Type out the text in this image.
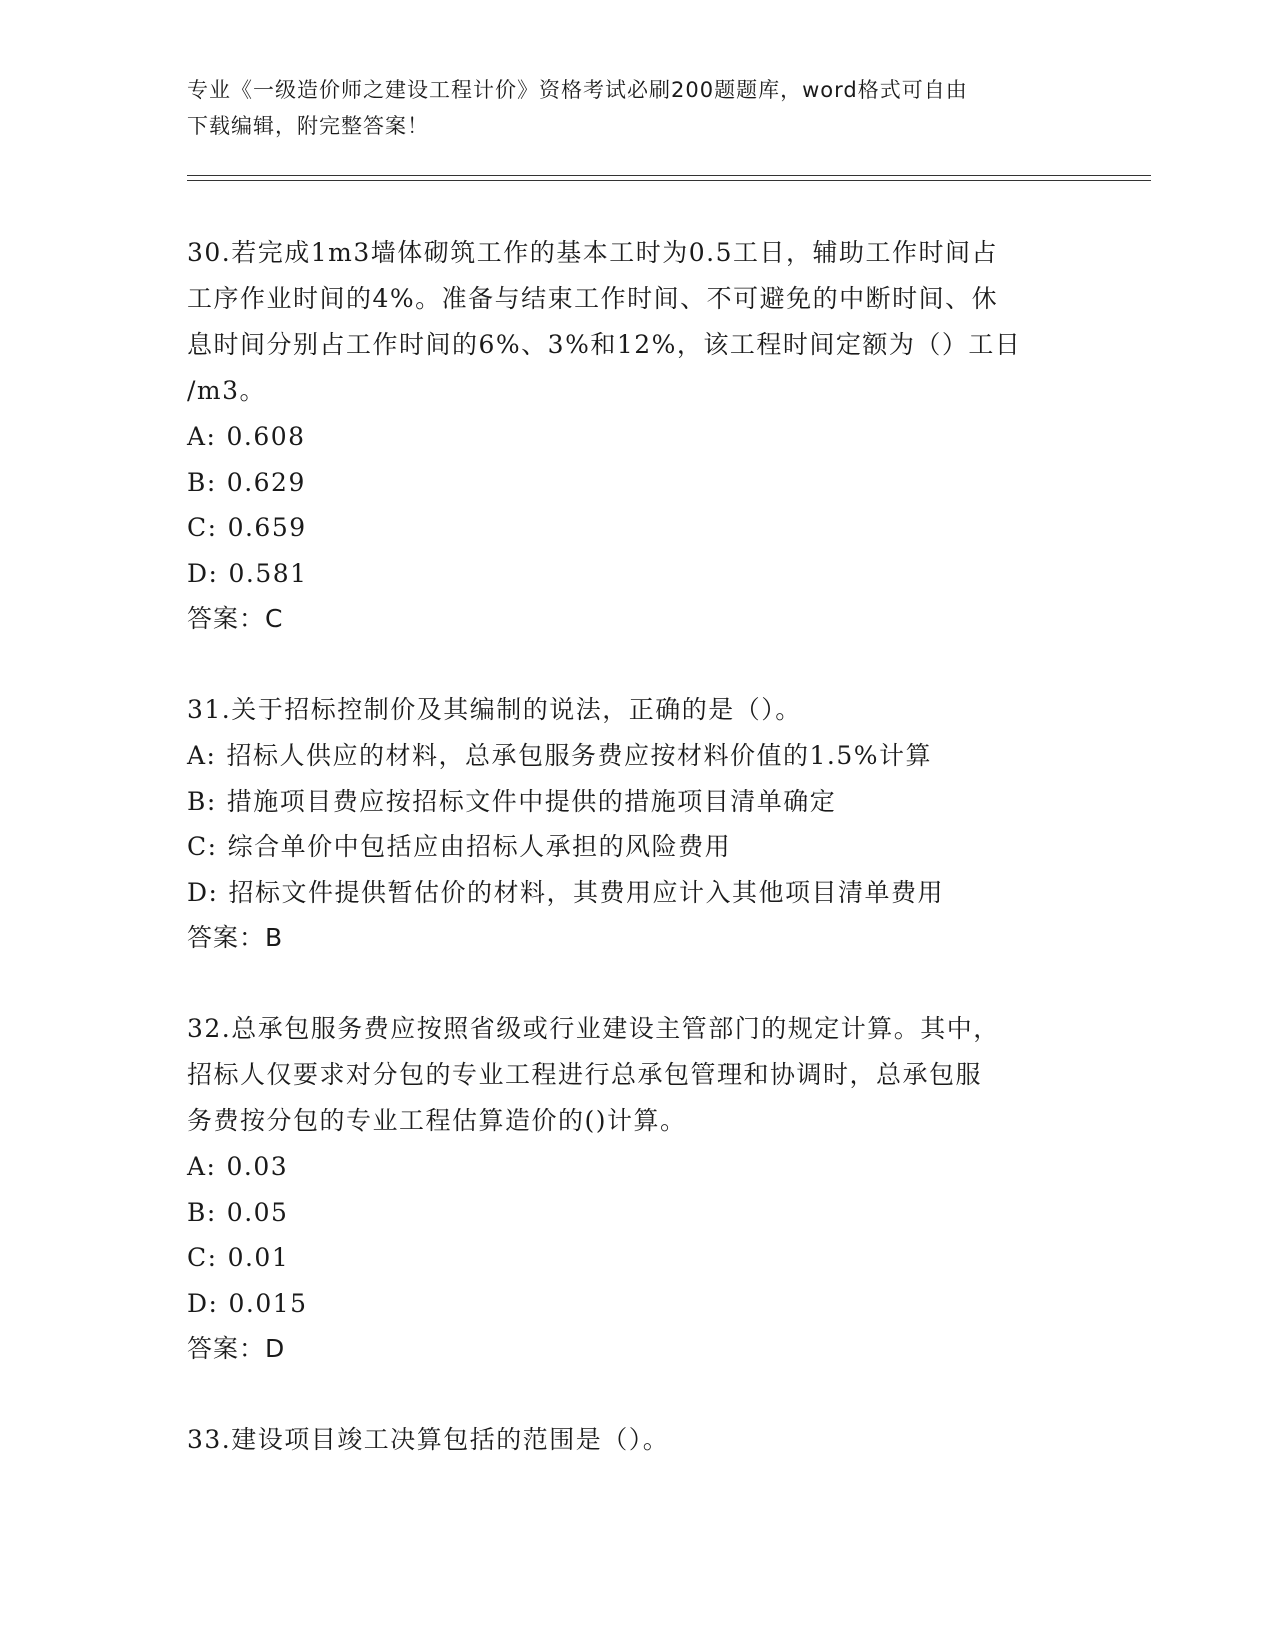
专业《一级造价师之建设工程计价》资格考试必刷200题题库，word格式可自由
下载编辑，附完整答案！

30.若完成1m3墙体砌筑工作的基本工时为0.5工日，辅助工作时间占

工序作业时间的4%。准备与结束工作时间、不可避免的中断时间、休

息时间分别占工作时间的6%、3%和12%，该工程时间定额为（）工日

/m3。

A: 0.608

B: 0.629

C: 0.659

D: 0.581

答案：C

31.关于招标控制价及其编制的说法，正确的是（）。

A: 招标人供应的材料，总承包服务费应按材料价值的1.5%计算

B: 措施项目费应按招标文件中提供的措施项目清单确定

C: 综合单价中包括应由招标人承担的风险费用

D: 招标文件提供暂估价的材料，其费用应计入其他项目清单费用

答案：B

32.总承包服务费应按照省级或行业建设主管部门的规定计算。其中，

招标人仅要求对分包的专业工程进行总承包管理和协调时，总承包服

务费按分包的专业工程估算造价的()计算。

A: 0.03

B: 0.05

C: 0.01

D: 0.015

答案：D

33.建设项目竣工决算包括的范围是（）。
